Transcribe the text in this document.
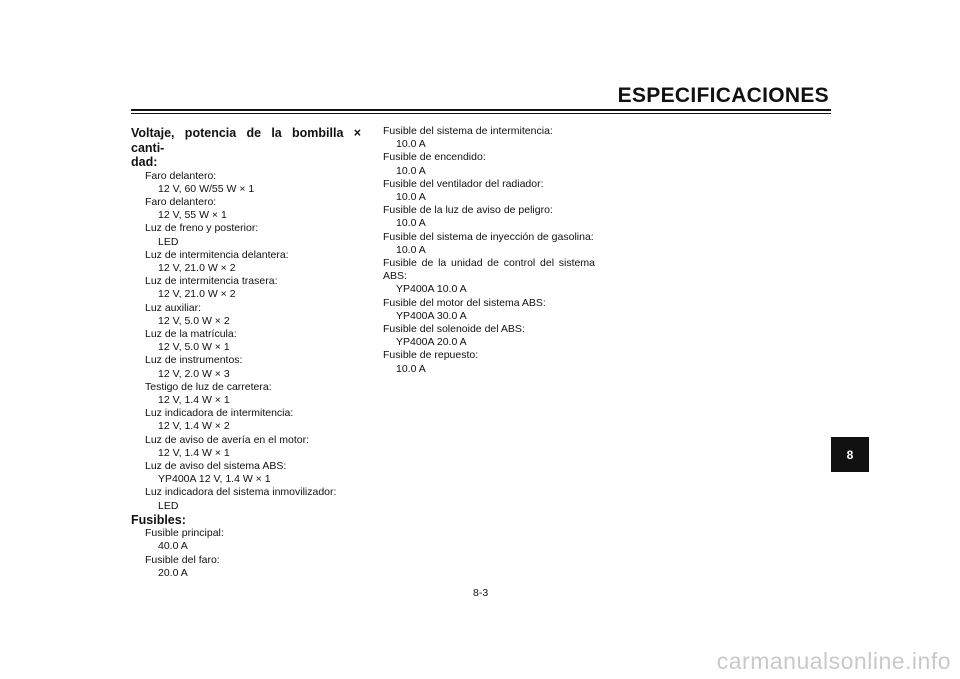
ESPECIFICACIONES
Voltaje, potencia de la bombilla × canti-
dad:
Faro delantero:
12 V, 60 W/55 W × 1
Faro delantero:
12 V, 55 W × 1
Luz de freno y posterior:
LED
Luz de intermitencia delantera:
12 V, 21.0 W × 2
Luz de intermitencia trasera:
12 V, 21.0 W × 2
Luz auxiliar:
12 V, 5.0 W × 2
Luz de la matrícula:
12 V, 5.0 W × 1
Luz de instrumentos:
12 V, 2.0 W × 3
Testigo de luz de carretera:
12 V, 1.4 W × 1
Luz indicadora de intermitencia:
12 V, 1.4 W × 2
Luz de aviso de avería en el motor:
12 V, 1.4 W × 1
Luz de aviso del sistema ABS:
YP400A 12 V, 1.4 W × 1
Luz indicadora del sistema inmovilizador:
LED
Fusibles:
Fusible principal:
40.0 A
Fusible del faro:
20.0 A
Fusible del sistema de intermitencia:
10.0 A
Fusible de encendido:
10.0 A
Fusible del ventilador del radiador:
10.0 A
Fusible de la luz de aviso de peligro:
10.0 A
Fusible del sistema de inyección de gasolina:
10.0 A
Fusible de la unidad de control del sistema
ABS:
YP400A 10.0 A
Fusible del motor del sistema ABS:
YP400A 30.0 A
Fusible del solenoide del ABS:
YP400A 20.0 A
Fusible de repuesto:
10.0 A
8-3
8
carmanualsonline.info
